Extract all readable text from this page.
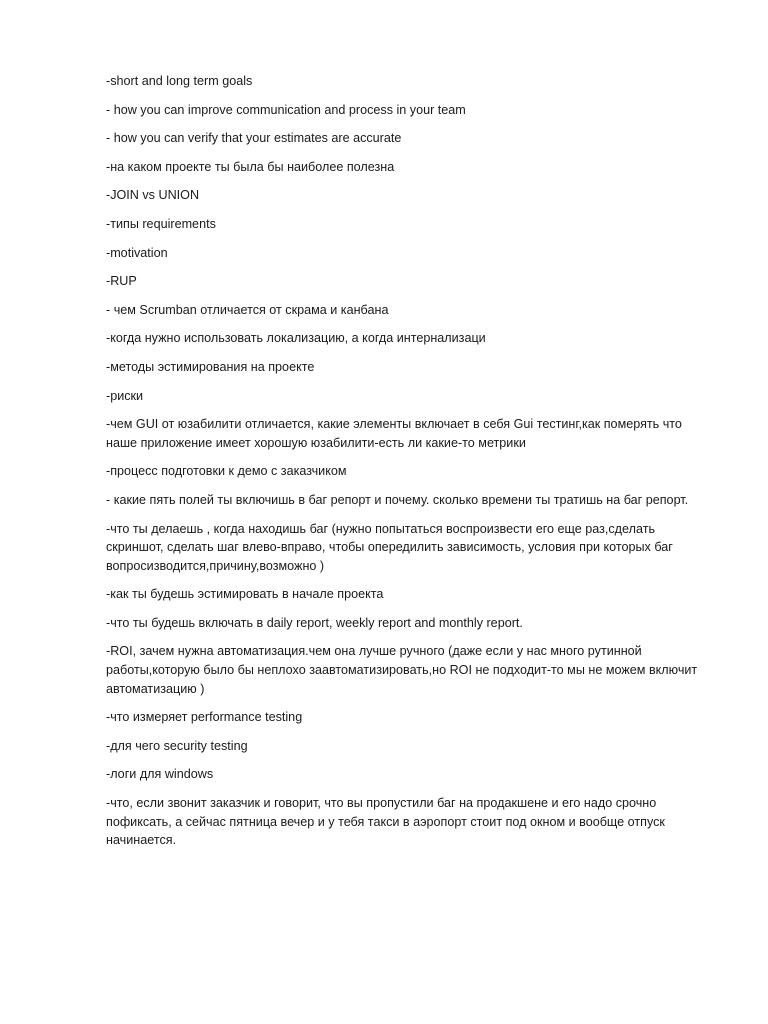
-short and long term goals

- how you can improve communication and process in your team

- how you can verify that your estimates are accurate

-на каком проекте ты была бы наиболее полезна

-JOIN vs UNION

-типы requirements

-motivation

-RUP

- чем Scrumban отличается от скрама и канбана

-когда нужно использовать локализацию, а когда интернализаци

-методы эстимирования на проекте

-риски

-чем GUI от юзабилити отличается, какие элементы включает в себя Gui тестинг,как померять что
наше приложение имеет хорошую юзабилити-есть ли какие-то метрики

-процесс подготовки к демо с заказчиком

- какие пять полей ты включишь в баг репорт и почему. сколько времени ты тратишь на баг репорт.

-что ты делаешь , когда находишь баг (нужно попытаться воспроизвести его еще раз,сделать
скриншот, сделать шаг влево-вправо, чтобы опередилить зависимость, условия при которых баг
вопросизводится,причину,возможно )

-как ты будешь эстимировать в начале проекта

-что ты будешь включать в daily report, weekly report and monthly report.

-ROI, зачем нужна автоматизация.чем она лучше ручного (даже если у нас много рутинной
работы,которую было бы неплохо заавтоматизировать,но ROI не подходит-то мы не можем включит
автоматизацию )

-что измеряет performance testing

-для чего security testing

-логи для windows

-что, если звонит заказчик и говорит, что вы пропустили баг на продакшене и его надо срочно
пофиксать, а сейчас пятница вечер и у тебя такси в аэропорт стоит под окном и вообще отпуск
начинается.
